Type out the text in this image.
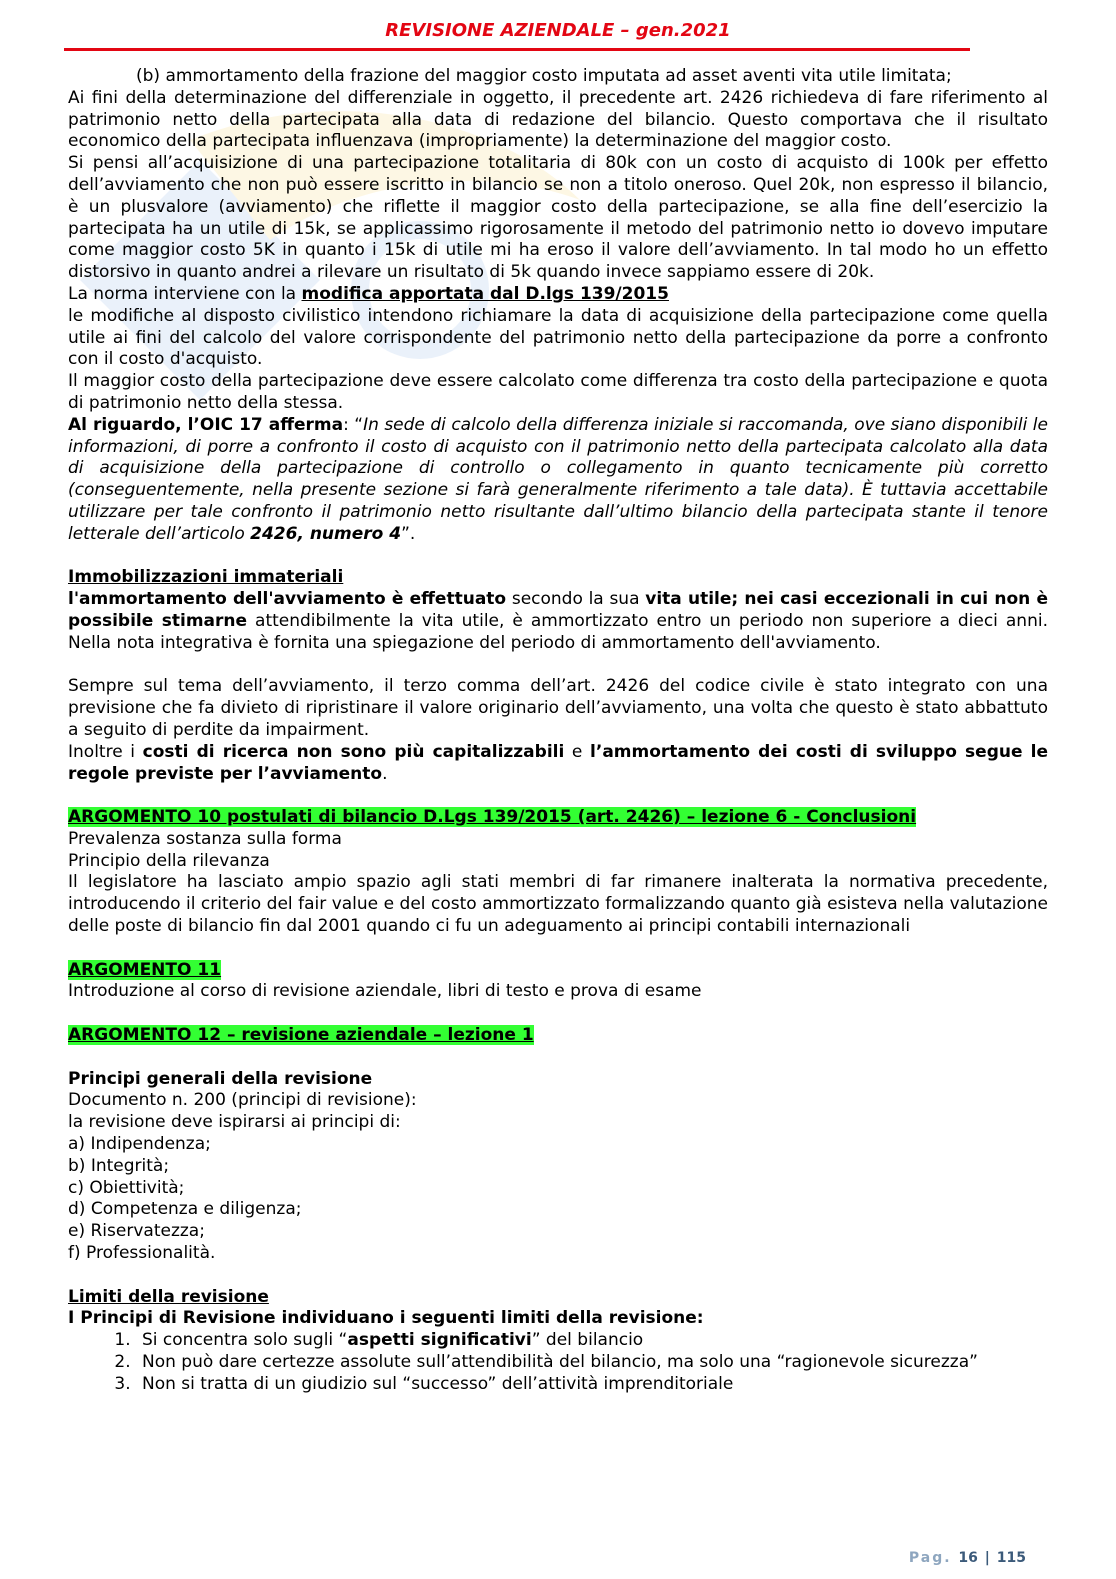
REVISIONE AZIENDALE – gen.2021

(b) ammortamento della frazione del maggior costo imputata ad asset aventi vita utile limitata;

Ai fini della determinazione del differenziale in oggetto, il precedente art. 2426 richiedeva di fare riferimento al patrimonio netto della partecipata alla data di redazione del bilancio. Questo comportava che il risultato economico della partecipata influenzava (impropriamente) la determinazione del maggior costo.

Si pensi all’acquisizione di una partecipazione totalitaria di 80k con un costo di acquisto di 100k per effetto dell’avviamento che non può essere iscritto in bilancio se non a titolo oneroso. Quel 20k, non espresso il bilancio, è un plusvalore (avviamento) che riflette il maggior costo della partecipazione, se alla fine dell’esercizio la partecipata ha un utile di 15k, se applicassimo rigorosamente il metodo del patrimonio netto io dovevo imputare come maggior costo 5K in quanto i 15k di utile mi ha eroso il valore dell’avviamento. In tal modo ho un effetto distorsivo in quanto andrei a rilevare un risultato di 5k quando invece sappiamo essere di 20k.

La norma interviene con la modifica apportata dal D.lgs 139/2015

le modifiche al disposto civilistico intendono richiamare la data di acquisizione della partecipazione come quella utile ai fini del calcolo del valore corrispondente del patrimonio netto della partecipazione da porre a confronto con il costo d'acquisto.

Il maggior costo della partecipazione deve essere calcolato come differenza tra costo della partecipazione e quota di patrimonio netto della stessa.

Al riguardo, l’OIC 17 afferma: “In sede di calcolo della differenza iniziale si raccomanda, ove siano disponibili le informazioni, di porre a confronto il costo di acquisto con il patrimonio netto della partecipata calcolato alla data di acquisizione della partecipazione di controllo o collegamento in quanto tecnicamente più corretto (conseguentemente, nella presente sezione si farà generalmente riferimento a tale data). È tuttavia accettabile utilizzare per tale confronto il patrimonio netto risultante dall’ultimo bilancio della partecipata stante il tenore letterale dell’articolo 2426, numero 4”.

Immobilizzazioni immateriali

l'ammortamento dell'avviamento è effettuato secondo la sua vita utile; nei casi eccezionali in cui non è possibile stimarne attendibilmente la vita utile, è ammortizzato entro un periodo non superiore a dieci anni. Nella nota integrativa è fornita una spiegazione del periodo di ammortamento dell'avviamento.

Sempre sul tema dell’avviamento, il terzo comma dell’art. 2426 del codice civile è stato integrato con una previsione che fa divieto di ripristinare il valore originario dell’avviamento, una volta che questo è stato abbattuto a seguito di perdite da impairment.

Inoltre i costi di ricerca non sono più capitalizzabili e l’ammortamento dei costi di sviluppo segue le regole previste per l’avviamento.

ARGOMENTO 10 postulati di bilancio D.Lgs 139/2015 (art. 2426) – lezione 6 - Conclusioni

Prevalenza sostanza sulla forma

Principio della rilevanza

Il legislatore ha lasciato ampio spazio agli stati membri di far rimanere inalterata la normativa precedente, introducendo il criterio del fair value e del costo ammortizzato formalizzando quanto già esisteva nella valutazione delle poste di bilancio fin dal 2001 quando ci fu un adeguamento ai principi contabili internazionali

ARGOMENTO 11

Introduzione al corso di revisione aziendale, libri di testo e prova di esame

ARGOMENTO 12 – revisione aziendale – lezione 1

Principi generali della revisione

Documento n. 200 (principi di revisione):

la revisione deve ispirarsi ai principi di:

a) Indipendenza;

b) Integrità;

c) Obiettività;

d) Competenza e diligenza;

e) Riservatezza;

f) Professionalità.

Limiti della revisione

I Principi di Revisione individuano i seguenti limiti della revisione:

1. Si concentra solo sugli “aspetti significativi” del bilancio
2. Non può dare certezze assolute sull’attendibilità del bilancio, ma solo una “ragionevole sicurezza”
3. Non si tratta di un giudizio sul “successo” dell’attività imprenditoriale
Pag. 16 | 115
